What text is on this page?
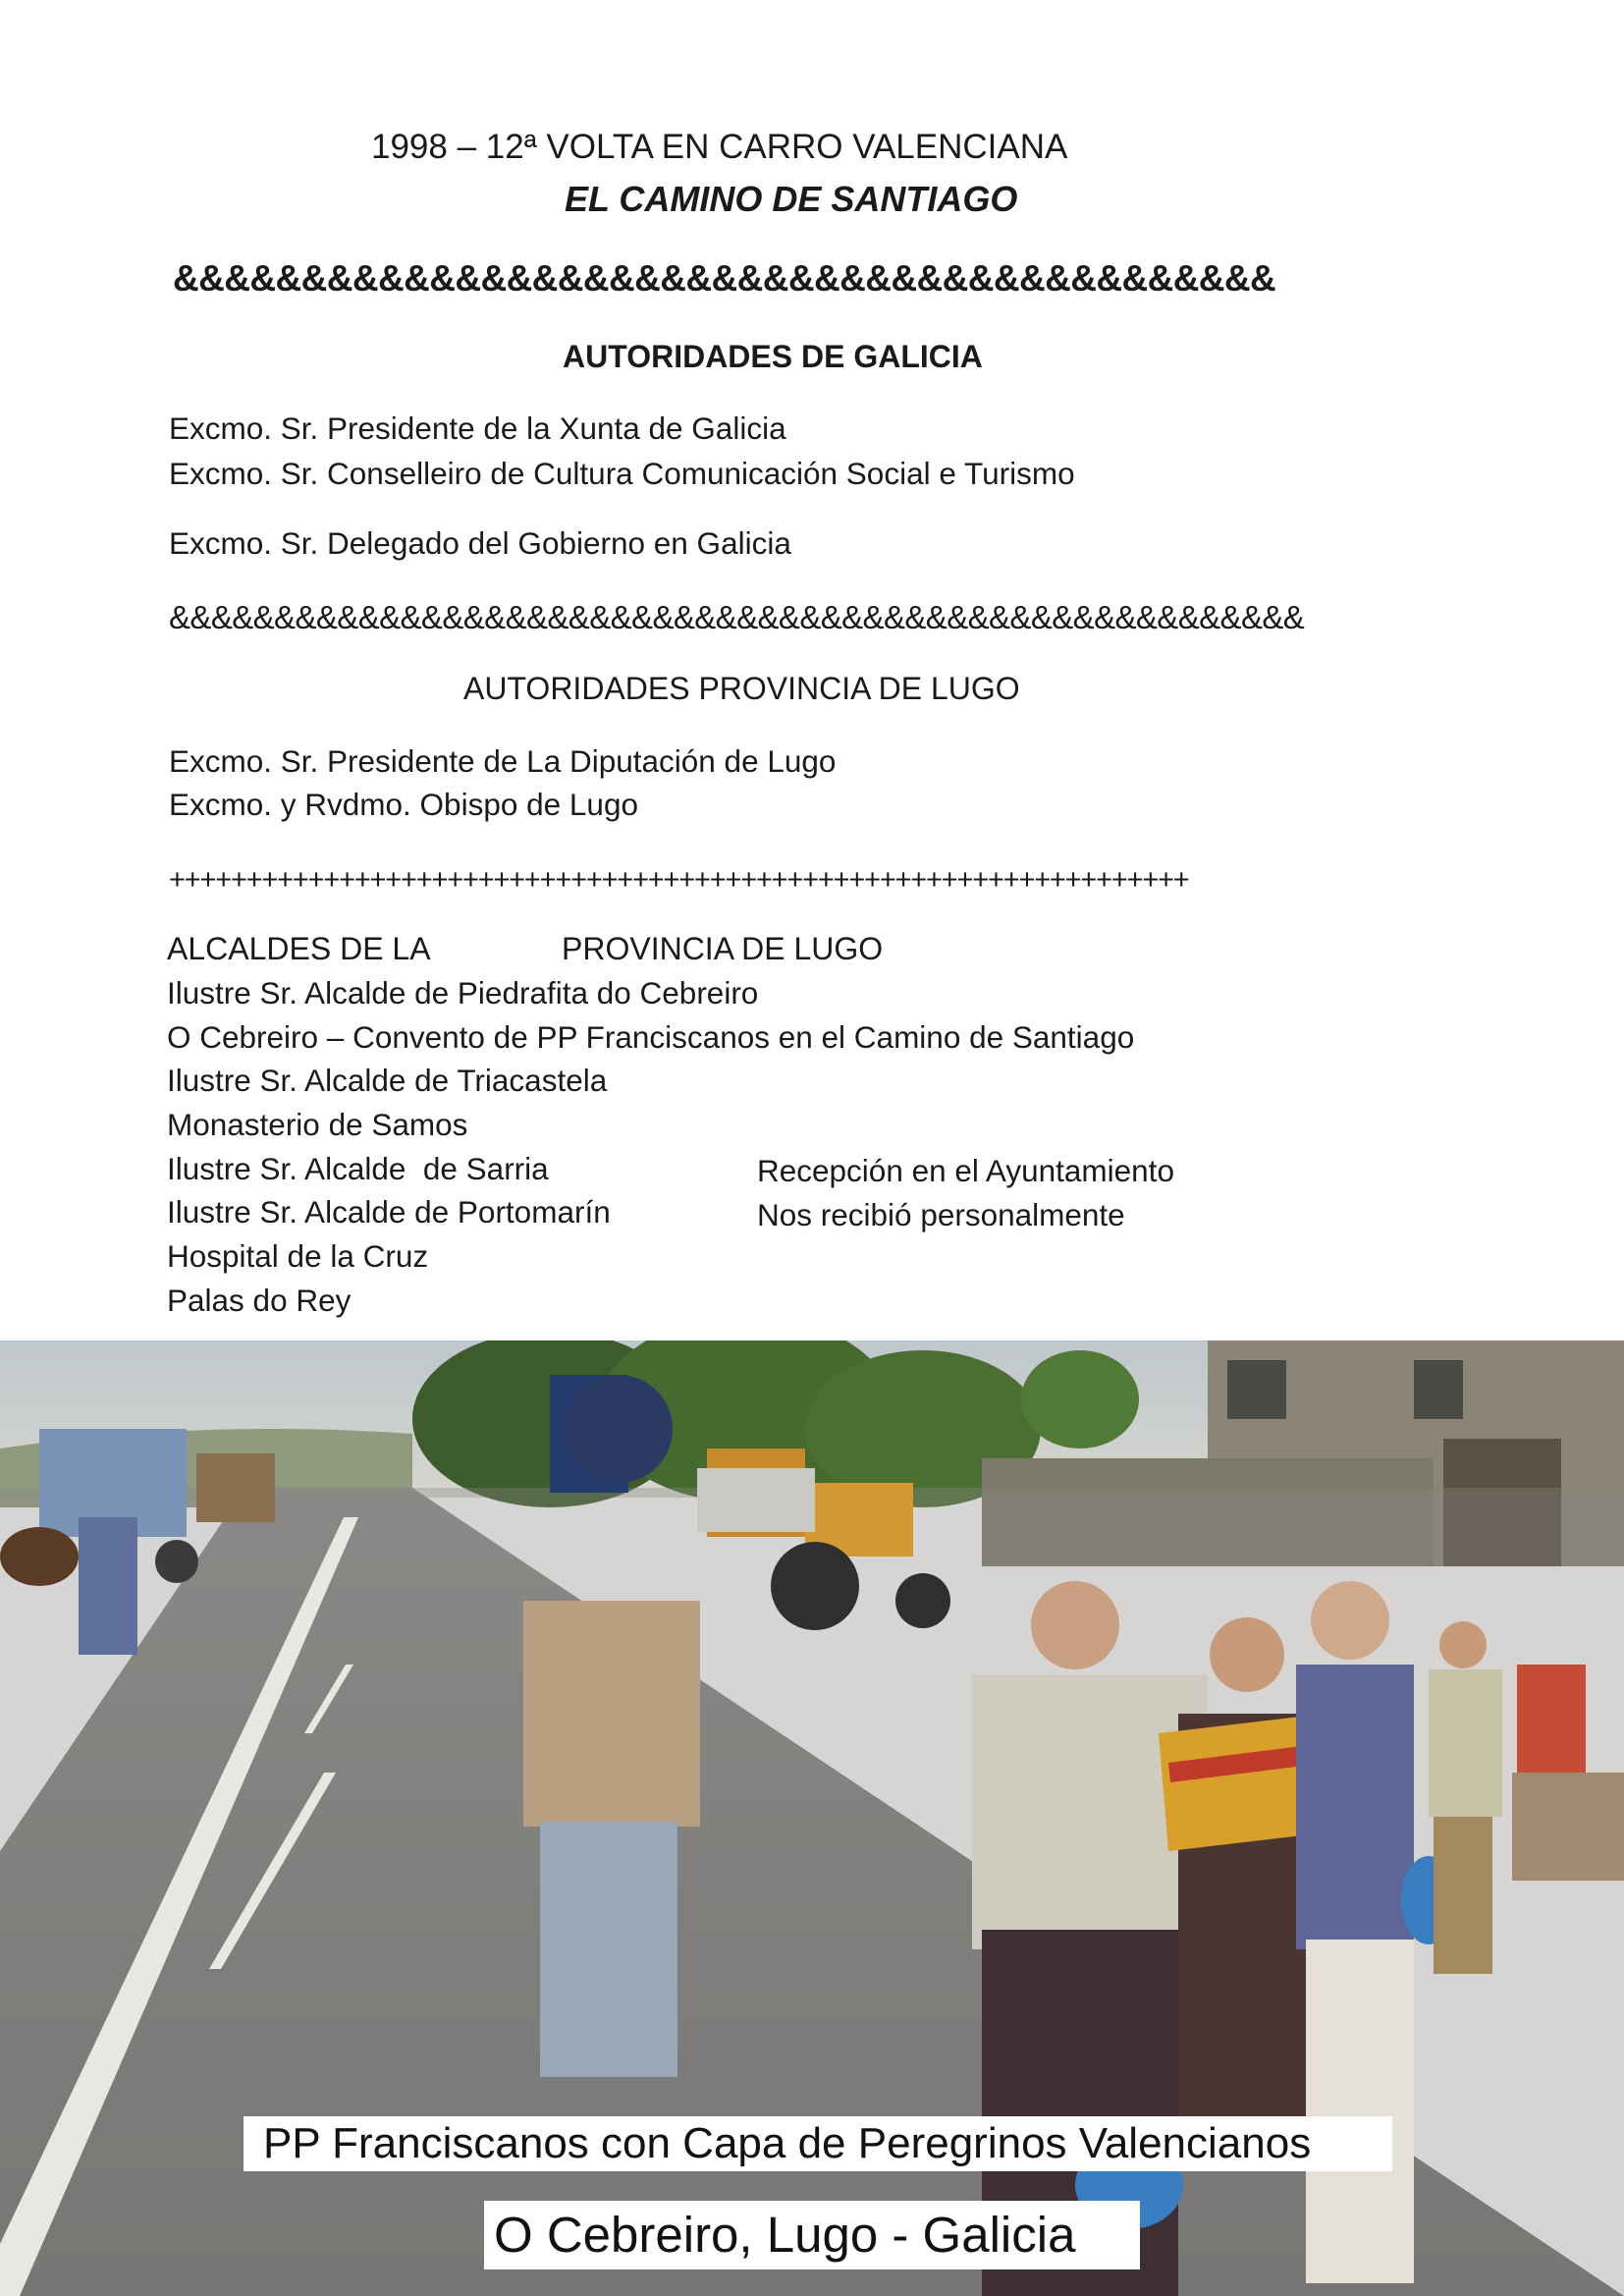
1998 – 12ª VOLTA EN CARRO VALENCIANA
EL CAMINO DE SANTIAGO
&&&&&&&&&&&&&&&&&&&&&&&&&&&&&&&&&&&&&&&&&&&
AUTORIDADES DE GALICIA
Excmo. Sr. Presidente de la Xunta de Galicia
Excmo. Sr. Conselleiro de Cultura Comunicación Social e Turismo
Excmo. Sr. Delegado del Gobierno en Galicia
&&&&&&&&&&&&&&&&&&&&&&&&&&&&&&&&&&&&&&&&&&&&&&&&&&&&&&
AUTORIDADES PROVINCIA DE LUGO
Excmo. Sr. Presidente de La Diputación de Lugo
Excmo. y Rvdmo. Obispo de Lugo
++++++++++++++++++++++++++++++++++++++++++++++++++++++++++++++++++
ALCALDES DE LA	PROVINCIA DE LUGO
Ilustre Sr. Alcalde de Piedrafita do Cebreiro
O Cebreiro – Convento de PP Franciscanos en el Camino de Santiago
Ilustre Sr. Alcalde de Triacastela
Monasterio de Samos
Ilustre Sr. Alcalde  de Sarria
Ilustre Sr. Alcalde de Portomarín
Hospital de la Cruz
Palas do Rey
Recepción en el Ayuntamiento
Nos recibió personalmente
PP Franciscanos con Capa de Peregrinos Valencianos
O Cebreiro, Lugo - Galicia
